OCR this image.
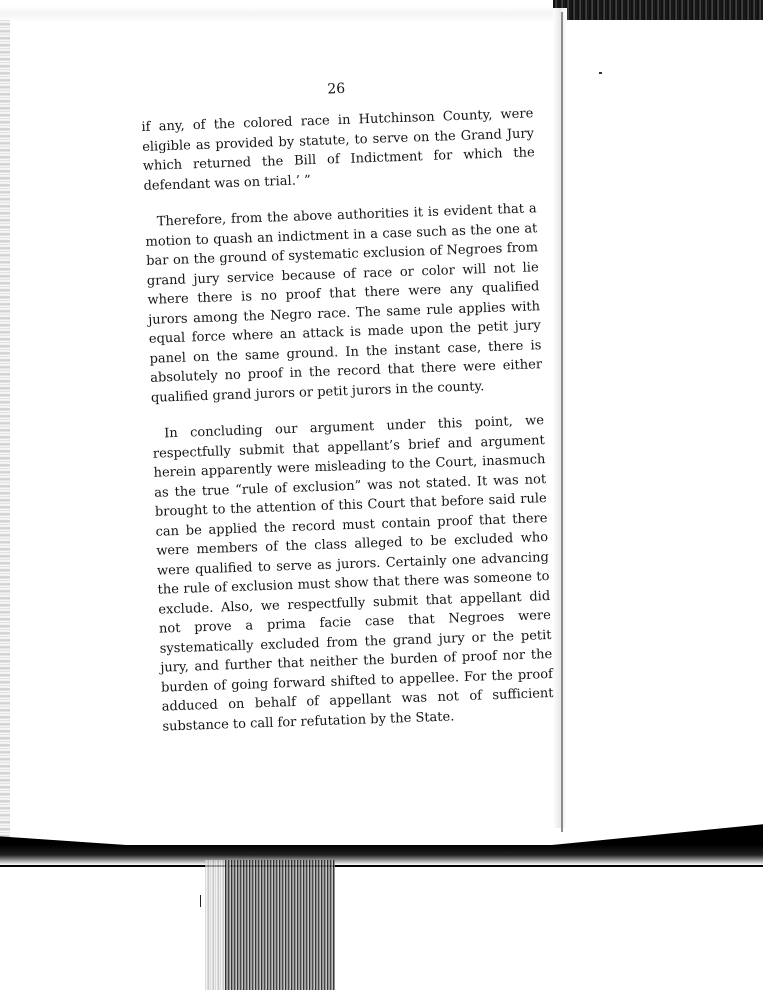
26

if any, of the colored race in Hutchinson County, were eligible as provided by statute, to serve on the Grand Jury which returned the Bill of Indictment for which the defendant was on trial.’ ”

Therefore, from the above authorities it is evident that a motion to quash an indictment in a case such as the one at bar on the ground of systematic exclusion of Negroes from grand jury service because of race or color will not lie where there is no proof that there were any qualified jurors among the Negro race. The same rule applies with equal force where an attack is made upon the petit jury panel on the same ground. In the instant case, there is absolutely no proof in the record that there were either qualified grand jurors or petit jurors in the county.

In concluding our argument under this point, we respectfully submit that appellant’s brief and argument herein apparently were misleading to the Court, inasmuch as the true “rule of exclusion” was not stated. It was not brought to the attention of this Court that before said rule can be applied the record must contain proof that there were members of the class alleged to be excluded who were qualified to serve as jurors. Certainly one advancing the rule of exclusion must show that there was someone to exclude. Also, we respectfully submit that appellant did not prove a prima facie case that Negroes were systematically excluded from the grand jury or the petit jury, and further that neither the burden of proof nor the burden of going forward shifted to appellee. For the proof adduced on behalf of appellant was not of sufficient substance to call for refutation by the State.
